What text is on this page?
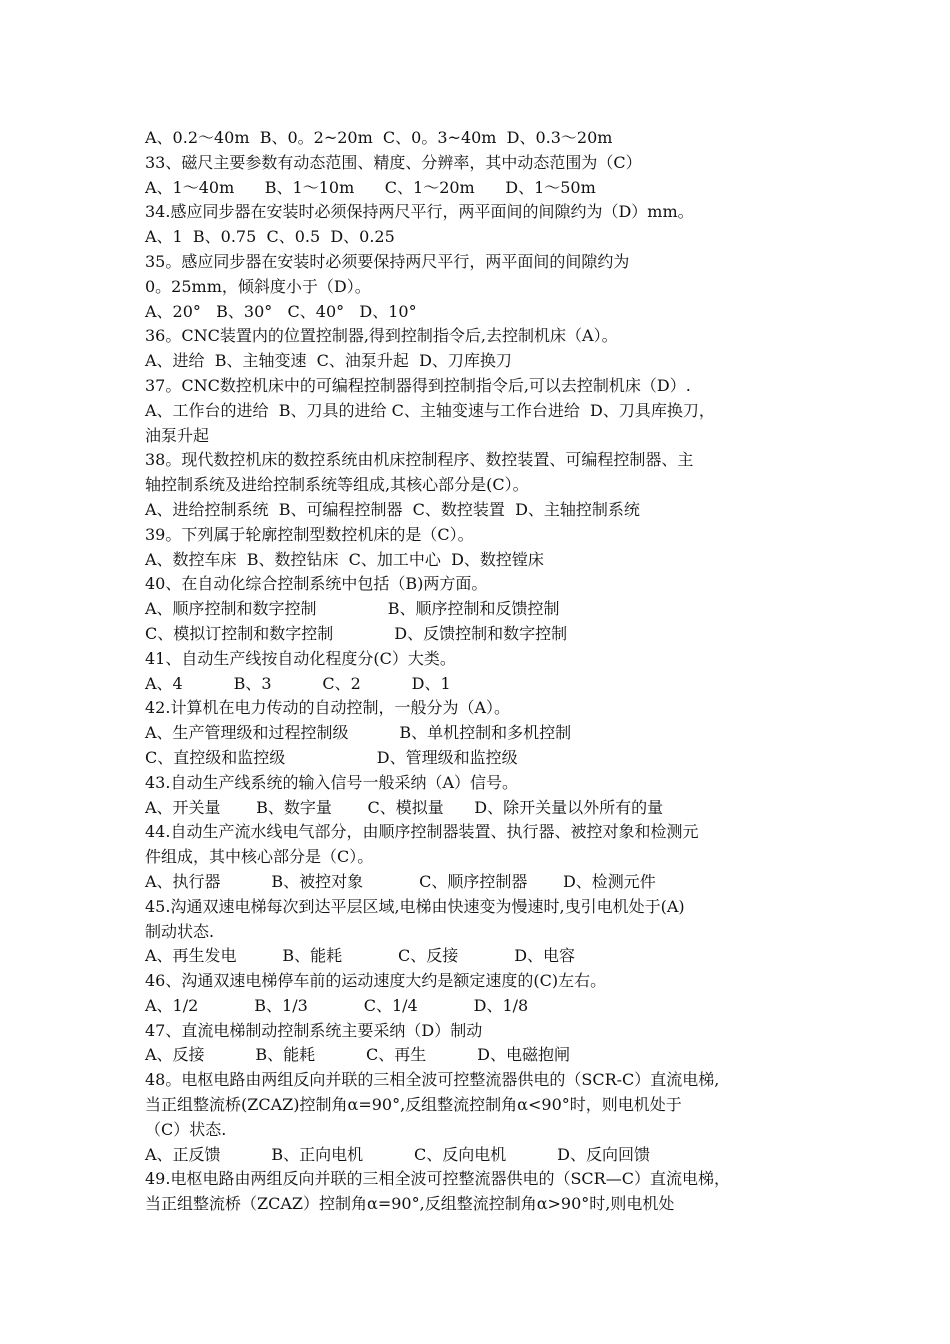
A、0.2～40m  B、0。2~20m  C、0。3~40m  D、0.3～20m
33、磁尺主要参数有动态范围、精度、分辨率，其中动态范围为（C）
A、1～40m      B、1～10m      C、1～20m      D、1～50m
34.感应同步器在安装时必须保持两尺平行，两平面间的间隙约为（D）mm。
A、1  B、0.75  C、0.5  D、0.25
35。感应同步器在安装时必须要保持两尺平行，两平面间的间隙约为
0。25mm，倾斜度小于（D）。
A、20°   B、30°   C、40°   D、10°
36。CNC装置内的位置控制器,得到控制指令后,去控制机床（A）。
A、进给  B、主轴变速  C、油泵升起  D、刀库换刀
37。CNC数控机床中的可编程控制器得到控制指令后,可以去控制机床（D）.
A、工作台的进给  B、刀具的进给 C、主轴变速与工作台进给  D、刀具库换刀，
油泵升起
38。现代数控机床的数控系统由机床控制程序、数控装置、可编程控制器、主
轴控制系统及进给控制系统等组成,其核心部分是(C）。
A、进给控制系统  B、可编程控制器  C、数控装置  D、主轴控制系统
39。下列属于轮廓控制型数控机床的是（C）。
A、数控车床  B、数控钻床  C、加工中心  D、数控镗床
40、在自动化综合控制系统中包括（B)两方面。
A、顺序控制和数字控制              B、顺序控制和反馈控制
C、模拟订控制和数字控制            D、反馈控制和数字控制
41、自动生产线按自动化程度分(C）大类。
A、4          B、3          C、2          D、1
42.计算机在电力传动的自动控制，一般分为（A）。
A、生产管理级和过程控制级          B、单机控制和多机控制
C、直控级和监控级                  D、管理级和监控级
43.自动生产线系统的输入信号一般采纳（A）信号。
A、开关量       B、数字量       C、模拟量      D、除开关量以外所有的量
44.自动生产流水线电气部分，由顺序控制器装置、执行器、被控对象和检测元
件组成，其中核心部分是（C）。
A、执行器          B、被控对象           C、顺序控制器       D、检测元件
45.沟通双速电梯每次到达平层区域,电梯由快速变为慢速时,曳引电机处于(A)
制动状态.
A、再生发电         B、能耗           C、反接           D、电容
46、沟通双速电梯停车前的运动速度大约是额定速度的(C)左右。
A、1/2           B、1/3           C、1/4           D、1/8
47、直流电梯制动控制系统主要采纳（D）制动
A、反接          B、能耗          C、再生          D、电磁抱闸
48。电枢电路由两组反向并联的三相全波可控整流器供电的（SCR-C）直流电梯,
当正组整流桥(ZCAZ)控制角α=90°,反组整流控制角α<90°时，则电机处于
（C）状态.
A、正反馈          B、正向电机          C、反向电机          D、反向回馈
49.电枢电路由两组反向并联的三相全波可控整流器供电的（SCR—C）直流电梯，
当正组整流桥（ZCAZ）控制角α=90°,反组整流控制角α>90°时,则电机处
